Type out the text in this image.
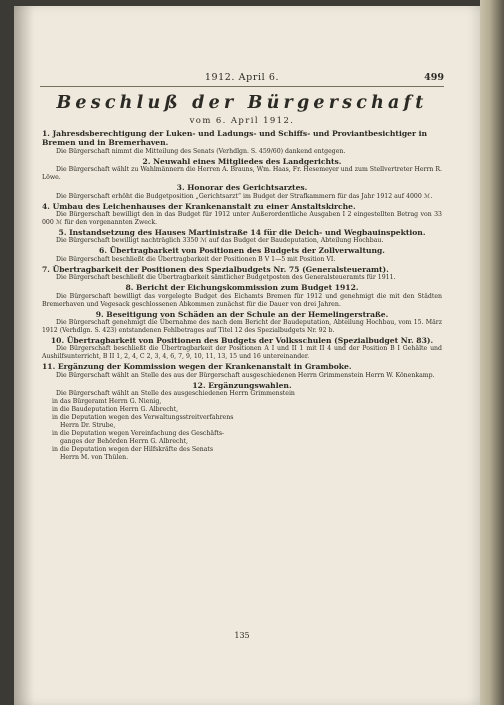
1912. April 6.	499
Beschluß der Bürgerschaft
vom 6. April 1912.
1. Jahresdsberechtigung der Luken- und Ladungs- und Schiffs- und Proviantbesichtiger in Bremen und in Bremerhaven.
Die Bürgerschaft nimmt die Mitteilung des Senats (Verhdlgn. S. 459/60) dankend entgegen.
2. Neuwahl eines Mitgliedes des Landgerichts.
Die Bürgerschaft wählt zu Wahlmännern die Herren A. Brauns, Wm. Haas, Fr. Hesemeyer und zum Stellvertreter Herrn R. Löwe.
3. Honorar des Gerichtsarztes.
Die Bürgerschaft erhöht die Budgetposition „Gerichtsarzt“ im Budget der Strafkammern für das Jahr 1912 auf 4000 ℳ.
4. Umbau des Leichenhauses der Krankenanstalt zu einer Anstaltskirche.
Die Bürgerschaft bewilligt den in das Budget für 1912 unter Außerordentliche Ausgaben I 2 eingestellten Betrag von 33 000 ℳ für den vorgenannten Zweck.
5. Instandsetzung des Hauses Martinistraße 14 für die Deich- und Wegbauinspektion.
Die Bürgerschaft bewilligt nachträglich 3350 ℳ auf das Budget der Baudeputation, Abteilung Hochbau.
6. Übertragbarkeit von Positionen des Budgets der Zollverwaltung.
Die Bürgerschaft beschließt die Übertragbarkeit der Positionen B V 1—5 mit Position VI.
7. Übertragbarkeit der Positionen des Spezialbudgets Nr. 75 (Generalsteueramt).
Die Bürgerschaft beschließt die Übertragbarkeit sämtlicher Budgetposten des Generalsteueramts für 1911.
8. Bericht der Eichungskommission zum Budget 1912.
Die Bürgerschaft bewilligt das vorgelegte Budget des Eichamts Bremen für 1912 und genehmigt die mit den Städten Bremerhaven und Vegesack geschlossenen Abkommen zunächst für die Dauer von drei Jahren.
9. Beseitigung von Schäden an der Schule an der Hemelingerstraße.
Die Bürgerschaft genehmigt die Übernahme des nach dem Bericht der Baudeputation, Abteilung Hochbau, vom 15. März 1912 (Verhdlgn. S. 423) entstandenen Fehlbetrages auf Titel 12 des Spezialbudgets Nr. 92 b.
10. Übertragbarkeit von Positionen des Budgets der Volksschulen (Spezialbudget Nr. 83).
Die Bürgerschaft beschließt die Übertragbarkeit der Positionen A I und II 1 mit II 4 und der Position B I Gehälte und Aushilfsunterricht, B II 1, 2, 4, C 2, 3, 4, 6, 7, 9, 10, 11, 13, 15 und 16 untereinander.
11. Ergänzung der Kommission wegen der Krankenanstalt in Gramboke.
Die Bürgerschaft wählt an Stelle des aus der Bürgerschaft ausgeschiedenen Herrn Grimmenstein Herrn W. Könenkamp.
12. Ergänzungswahlen.
Die Bürgerschaft wählt an Stelle des ausgeschiedenen Herrn Grimmenstein
in das Bürgeramt Herrn G. Nienig,
in die Baudeputation Herrn G. Albrecht,
in die Deputation wegen des Verwaltungsstreitverfahrens
Herrn Dr. Strube,
in die Deputation wegen Vereinfachung des Geschäfts-
ganges der Behörden Herrn G. Albrecht,
in die Deputation wegen der Hilfskräfte des Senats
Herrn M. von Thülen.
135
